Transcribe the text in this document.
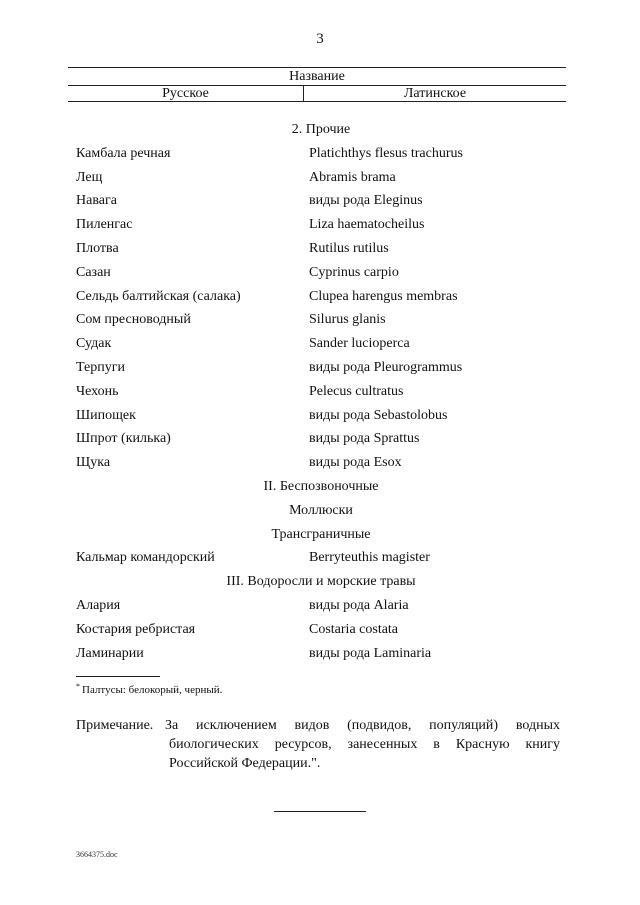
3
Название
Русское	Латинское
2. Прочие
Камбала речная	Platichthys flesus trachurus
Лещ	Abramis brama
Навага	виды рода Eleginus
Пиленгас	Liza haematocheilus
Плотва	Rutilus rutilus
Сазан	Cyprinus carpio
Сельдь балтийская (салака)	Clupea harengus membras
Сом пресноводный	Silurus glanis
Судак	Sander lucioperca
Терпуги	виды рода Pleurogrammus
Чехонь	Pelecus cultratus
Шипощек	виды рода Sebastolobus
Шпрот (килька)	виды рода Sprattus
Щука	виды рода Esox
II. Беспозвоночные
Моллюски
Трансграничные
Кальмар командорский	Berryteuthis magister
III. Водоросли и морские травы
Алария	виды рода Alaria
Костария ребристая	Costaria costata
Ламинарии	виды рода Laminaria
* Палтусы: белокорый, черный.
Примечание. За исключением видов (подвидов, популяций) водных биологических ресурсов, занесенных в Красную книгу Российской Федерации.".
3664375.doc
